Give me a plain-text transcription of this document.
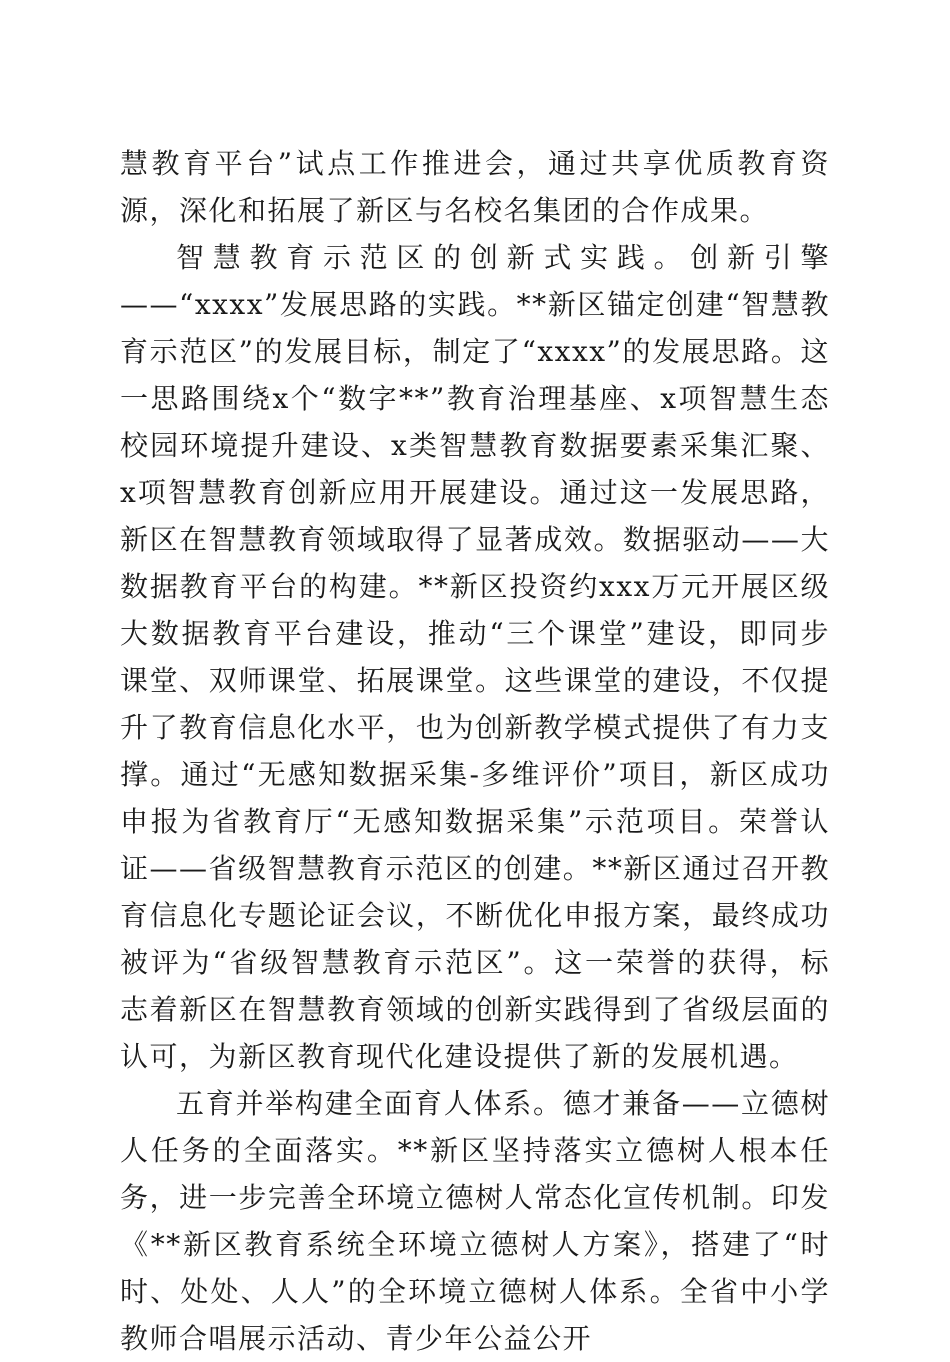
慧教育平台”试点工作推进会，通过共享优质教育资源，深化和拓展了新区与名校名集团的合作成果。

智慧教育示范区的创新式实践。创新引擎——“xxxx”发展思路的实践。**新区锚定创建“智慧教育示范区”的发展目标，制定了“xxxx”的发展思路。这一思路围绕x个“数字**”教育治理基座、x项智慧生态校园环境提升建设、x类智慧教育数据要素采集汇聚、x项智慧教育创新应用开展建设。通过这一发展思路，新区在智慧教育领域取得了显著成效。数据驱动——大数据教育平台的构建。**新区投资约xxx万元开展区级大数据教育平台建设，推动“三个课堂”建设，即同步课堂、双师课堂、拓展课堂。这些课堂的建设，不仅提升了教育信息化水平，也为创新教学模式提供了有力支撑。通过“无感知数据采集-多维评价”项目，新区成功申报为省教育厅“无感知数据采集”示范项目。荣誉认证——省级智慧教育示范区的创建。**新区通过召开教育信息化专题论证会议，不断优化申报方案，最终成功被评为“省级智慧教育示范区”。这一荣誉的获得，标志着新区在智慧教育领域的创新实践得到了省级层面的认可，为新区教育现代化建设提供了新的发展机遇。

五育并举构建全面育人体系。德才兼备——立德树人任务的全面落实。**新区坚持落实立德树人根本任务，进一步完善全环境立德树人常态化宣传机制。印发《**新区教育系统全环境立德树人方案》，搭建了“时时、处处、人人”的全环境立德树人体系。全省中小学教师合唱展示活动、青少年公益公开
